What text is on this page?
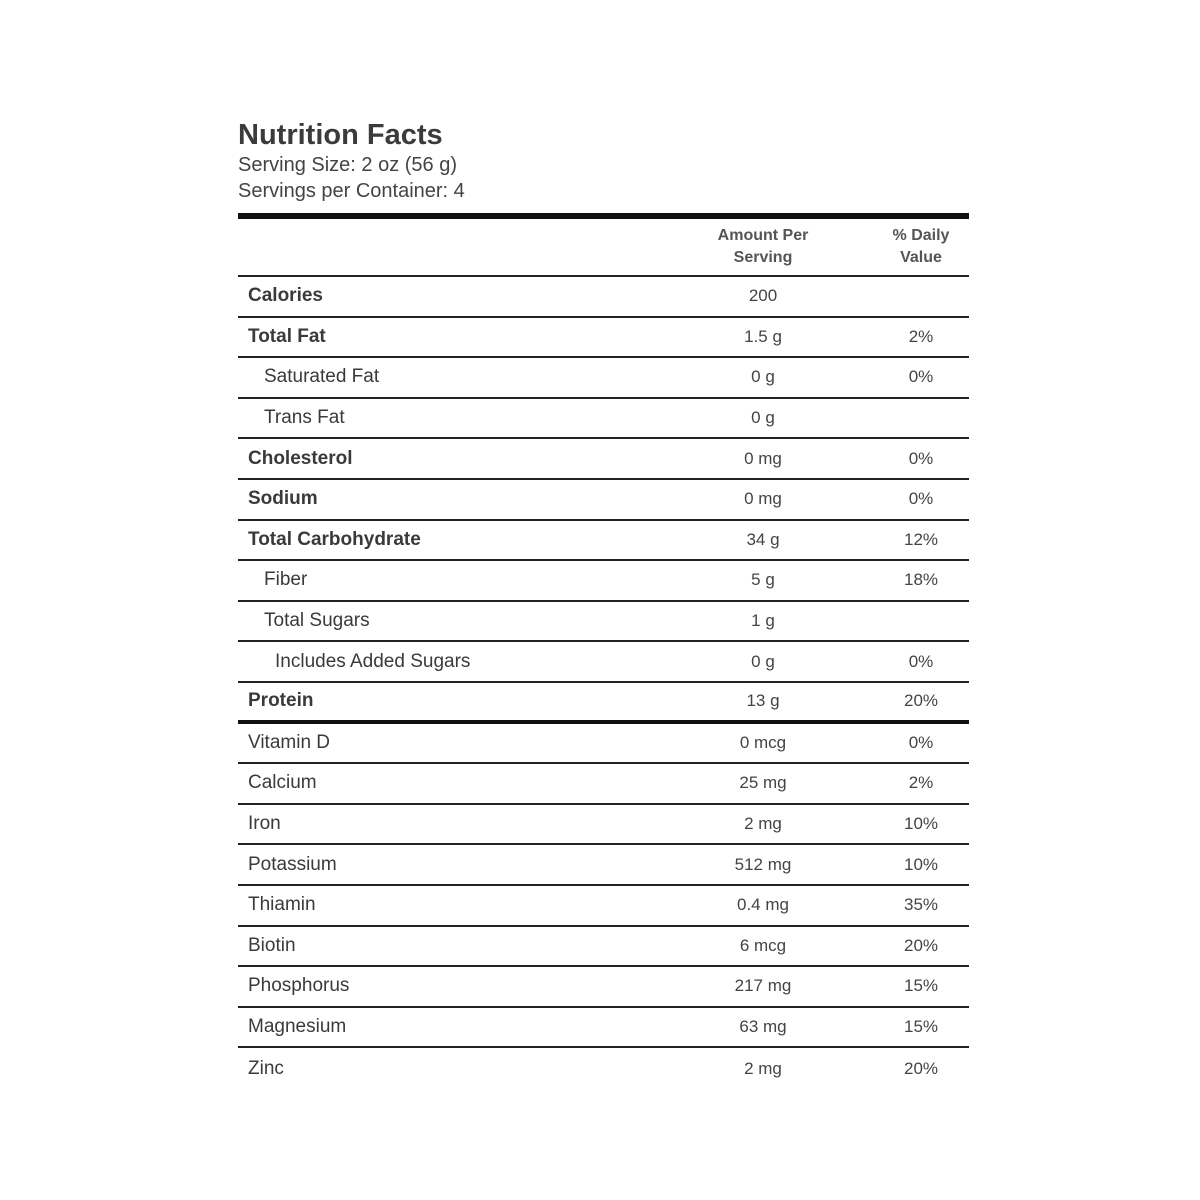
Nutrition Facts
Serving Size: 2 oz (56 g)
Servings per Container: 4
Amount Per Serving
% Daily Value
Calories	200
Total Fat	1.5 g	2%
Saturated Fat	0 g	0%
Trans Fat	0 g
Cholesterol	0 mg	0%
Sodium	0 mg	0%
Total Carbohydrate	34 g	12%
Fiber	5 g	18%
Total Sugars	1 g
Includes Added Sugars	0 g	0%
Protein	13 g	20%
Vitamin D	0 mcg	0%
Calcium	25 mg	2%
Iron	2 mg	10%
Potassium	512 mg	10%
Thiamin	0.4 mg	35%
Biotin	6 mcg	20%
Phosphorus	217 mg	15%
Magnesium	63 mg	15%
Zinc	2 mg	20%
